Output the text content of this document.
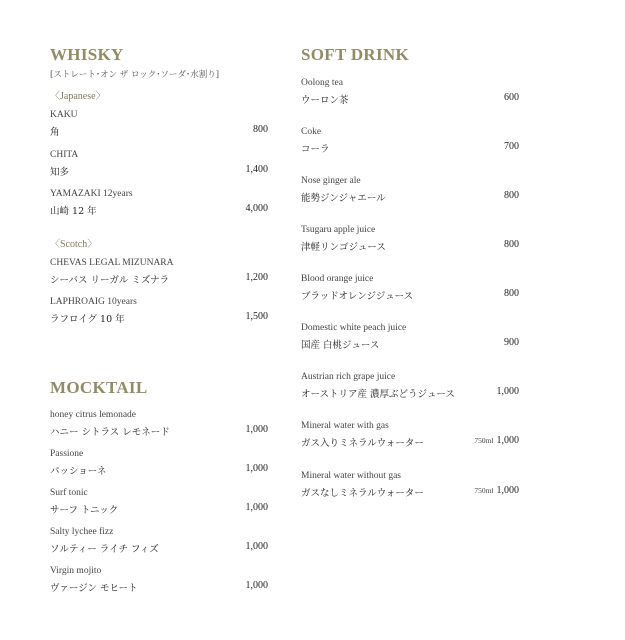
WHISKY
[ストレート･オン ザ ロック･ソーダ･水割り]
〈Japanese〉
KAKU
角	800
CHITA
知多	1,400
YAMAZAKI 12years
山崎 12 年	4,000
〈Scotch〉
CHEVAS LEGAL MIZUNARA
シーバス リーガル ミズナラ	1,200
LAPHROAIG 10years
ラフロイグ 10 年	1,500
MOCKTAIL
honey citrus lemonade
ハニー シトラス レモネード	1,000
Passione
パッショーネ	1,000
Surf tonic
サーフ トニック	1,000
Salty lychee fizz
ソルティー ライチ フィズ	1,000
Virgin mojito
ヴァージン モヒート	1,000
SOFT DRINK
Oolong tea
ウーロン茶	600
Coke
コーラ	700
Nose ginger ale
能勢ジンジャエール	800
Tsugaru apple juice
津軽リンゴジュース	800
Blood orange juice
ブラッドオレンジジュース	800
Domestic white peach juice
国産 白桃ジュース	900
Austrian rich grape juice
オーストリア産 濃厚ぶどうジュース	1,000
Mineral water with gas
ガス入りミネラルウォーター	750ml 1,000
Mineral water without gas
ガスなしミネラルウォーター	750ml 1,000
